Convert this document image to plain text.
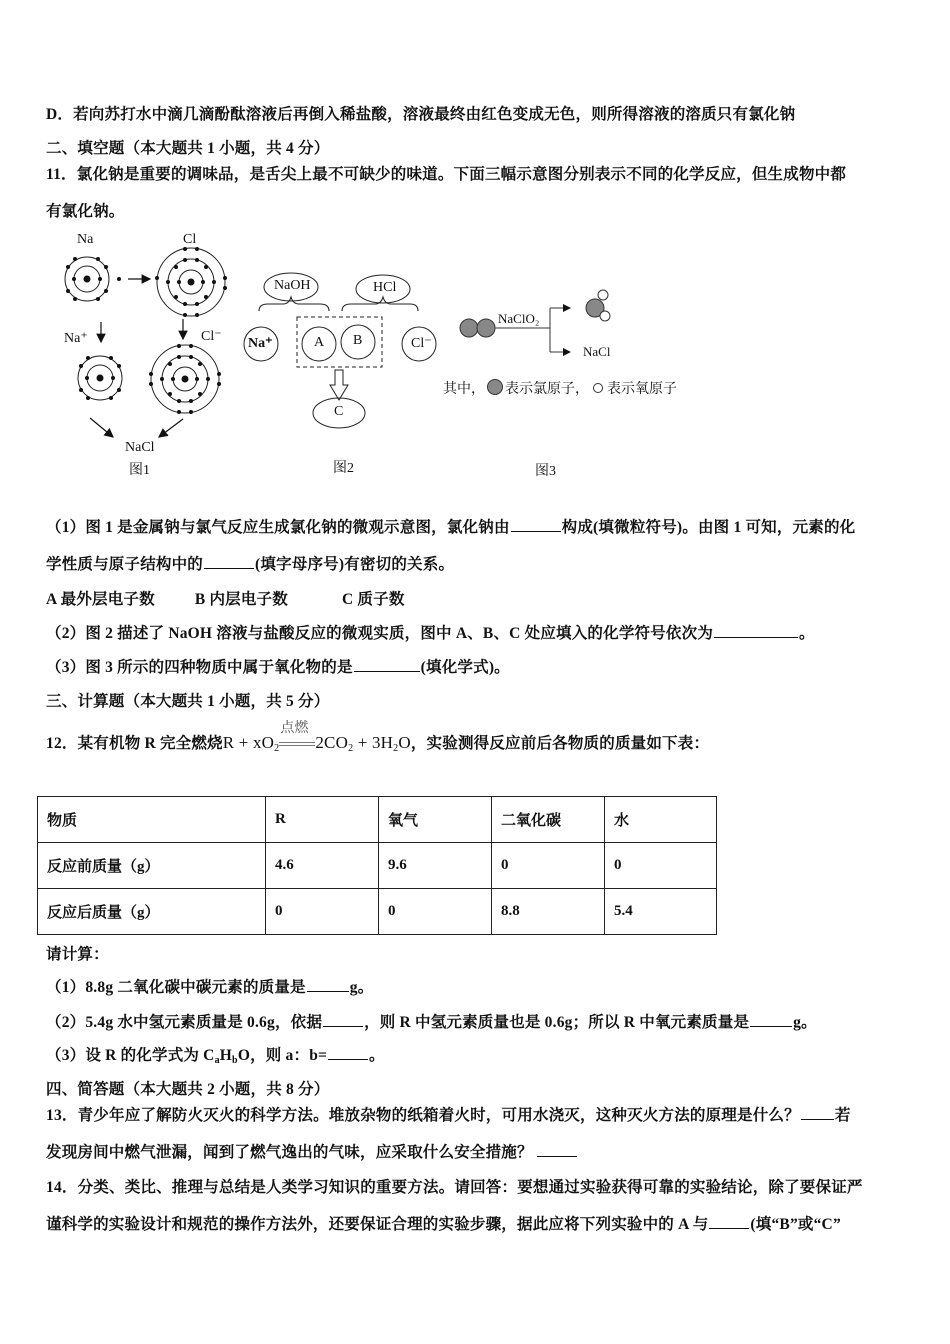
D．若向苏打水中滴几滴酚酞溶液后再倒入稀盐酸，溶液最终由红色变成无色，则所得溶液的溶质只有氯化钠
二、填空题（本大题共 1 小题，共 4 分）
11．氯化钠是重要的调味品，是舌尖上最不可缺少的味道。下面三幅示意图分别表示不同的化学反应，但生成物中都
有氯化钠。
Na	Cl
Na⁺	Cl⁻
NaCl
图1
NaOH	HCl
Na⁺	A B	Cl⁻
C
图2
NaClO₂
NaCl
其中， 表示氯原子， 表示氧原子
图3
（1）图 1 是金属钠与氯气反应生成氯化钠的微观示意图，氯化钠由	构成(填微粒符号)。由图 1 可知，元素的化
学性质与原子结构中的	(填字母序号)有密切的关系。
A 最外层电子数	B 内层电子数	C 质子数
（2）图 2 描述了 NaOH 溶液与盐酸反应的微观实质，图中 A、B、C 处应填入的化学符号依次为	。
（3）图 3 所示的四种物质中属于氧化物的是	(填化学式)。
三、计算题（本大题共 1 小题，共 5 分）
12．某有机物 R 完全燃烧$R + xO_2$
点燃
$2CO_2 + 3H_2O$，实验测得反应前后各物质的质量如下表：
物质	R	氧气	二氧化碳	水
反应前质量（g）	4.6	9.6	0	0
反应后质量（g）	0	0	8.8	5.4
请计算：
（1）8.8g 二氧化碳中碳元素的质量是	g。
（2）5.4g 水中氢元素质量是 0.6g，依据	，则 R 中氢元素质量也是 0.6g；所以 R 中氧元素质量是	g。
（3）设 R 的化学式为 $C_aH_bO$，则 a：b=	。
四、简答题（本大题共 2 小题，共 8 分）
13．青少年应了解防火灭火的科学方法。堆放杂物的纸箱着火时，可用水浇灭，这种灭火方法的原理是什么？ 若
发现房间中燃气泄漏，闻到了燃气逸出的气味，应采取什么安全措施？
14．分类、类比、推理与总结是人类学习知识的重要方法。请回答：要想通过实验获得可靠的实验结论，除了要保证严
谨科学的实验设计和规范的操作方法外，还要保证合理的实验步骤，据此应将下列实验中的 A 与	(填“B”或“C”
